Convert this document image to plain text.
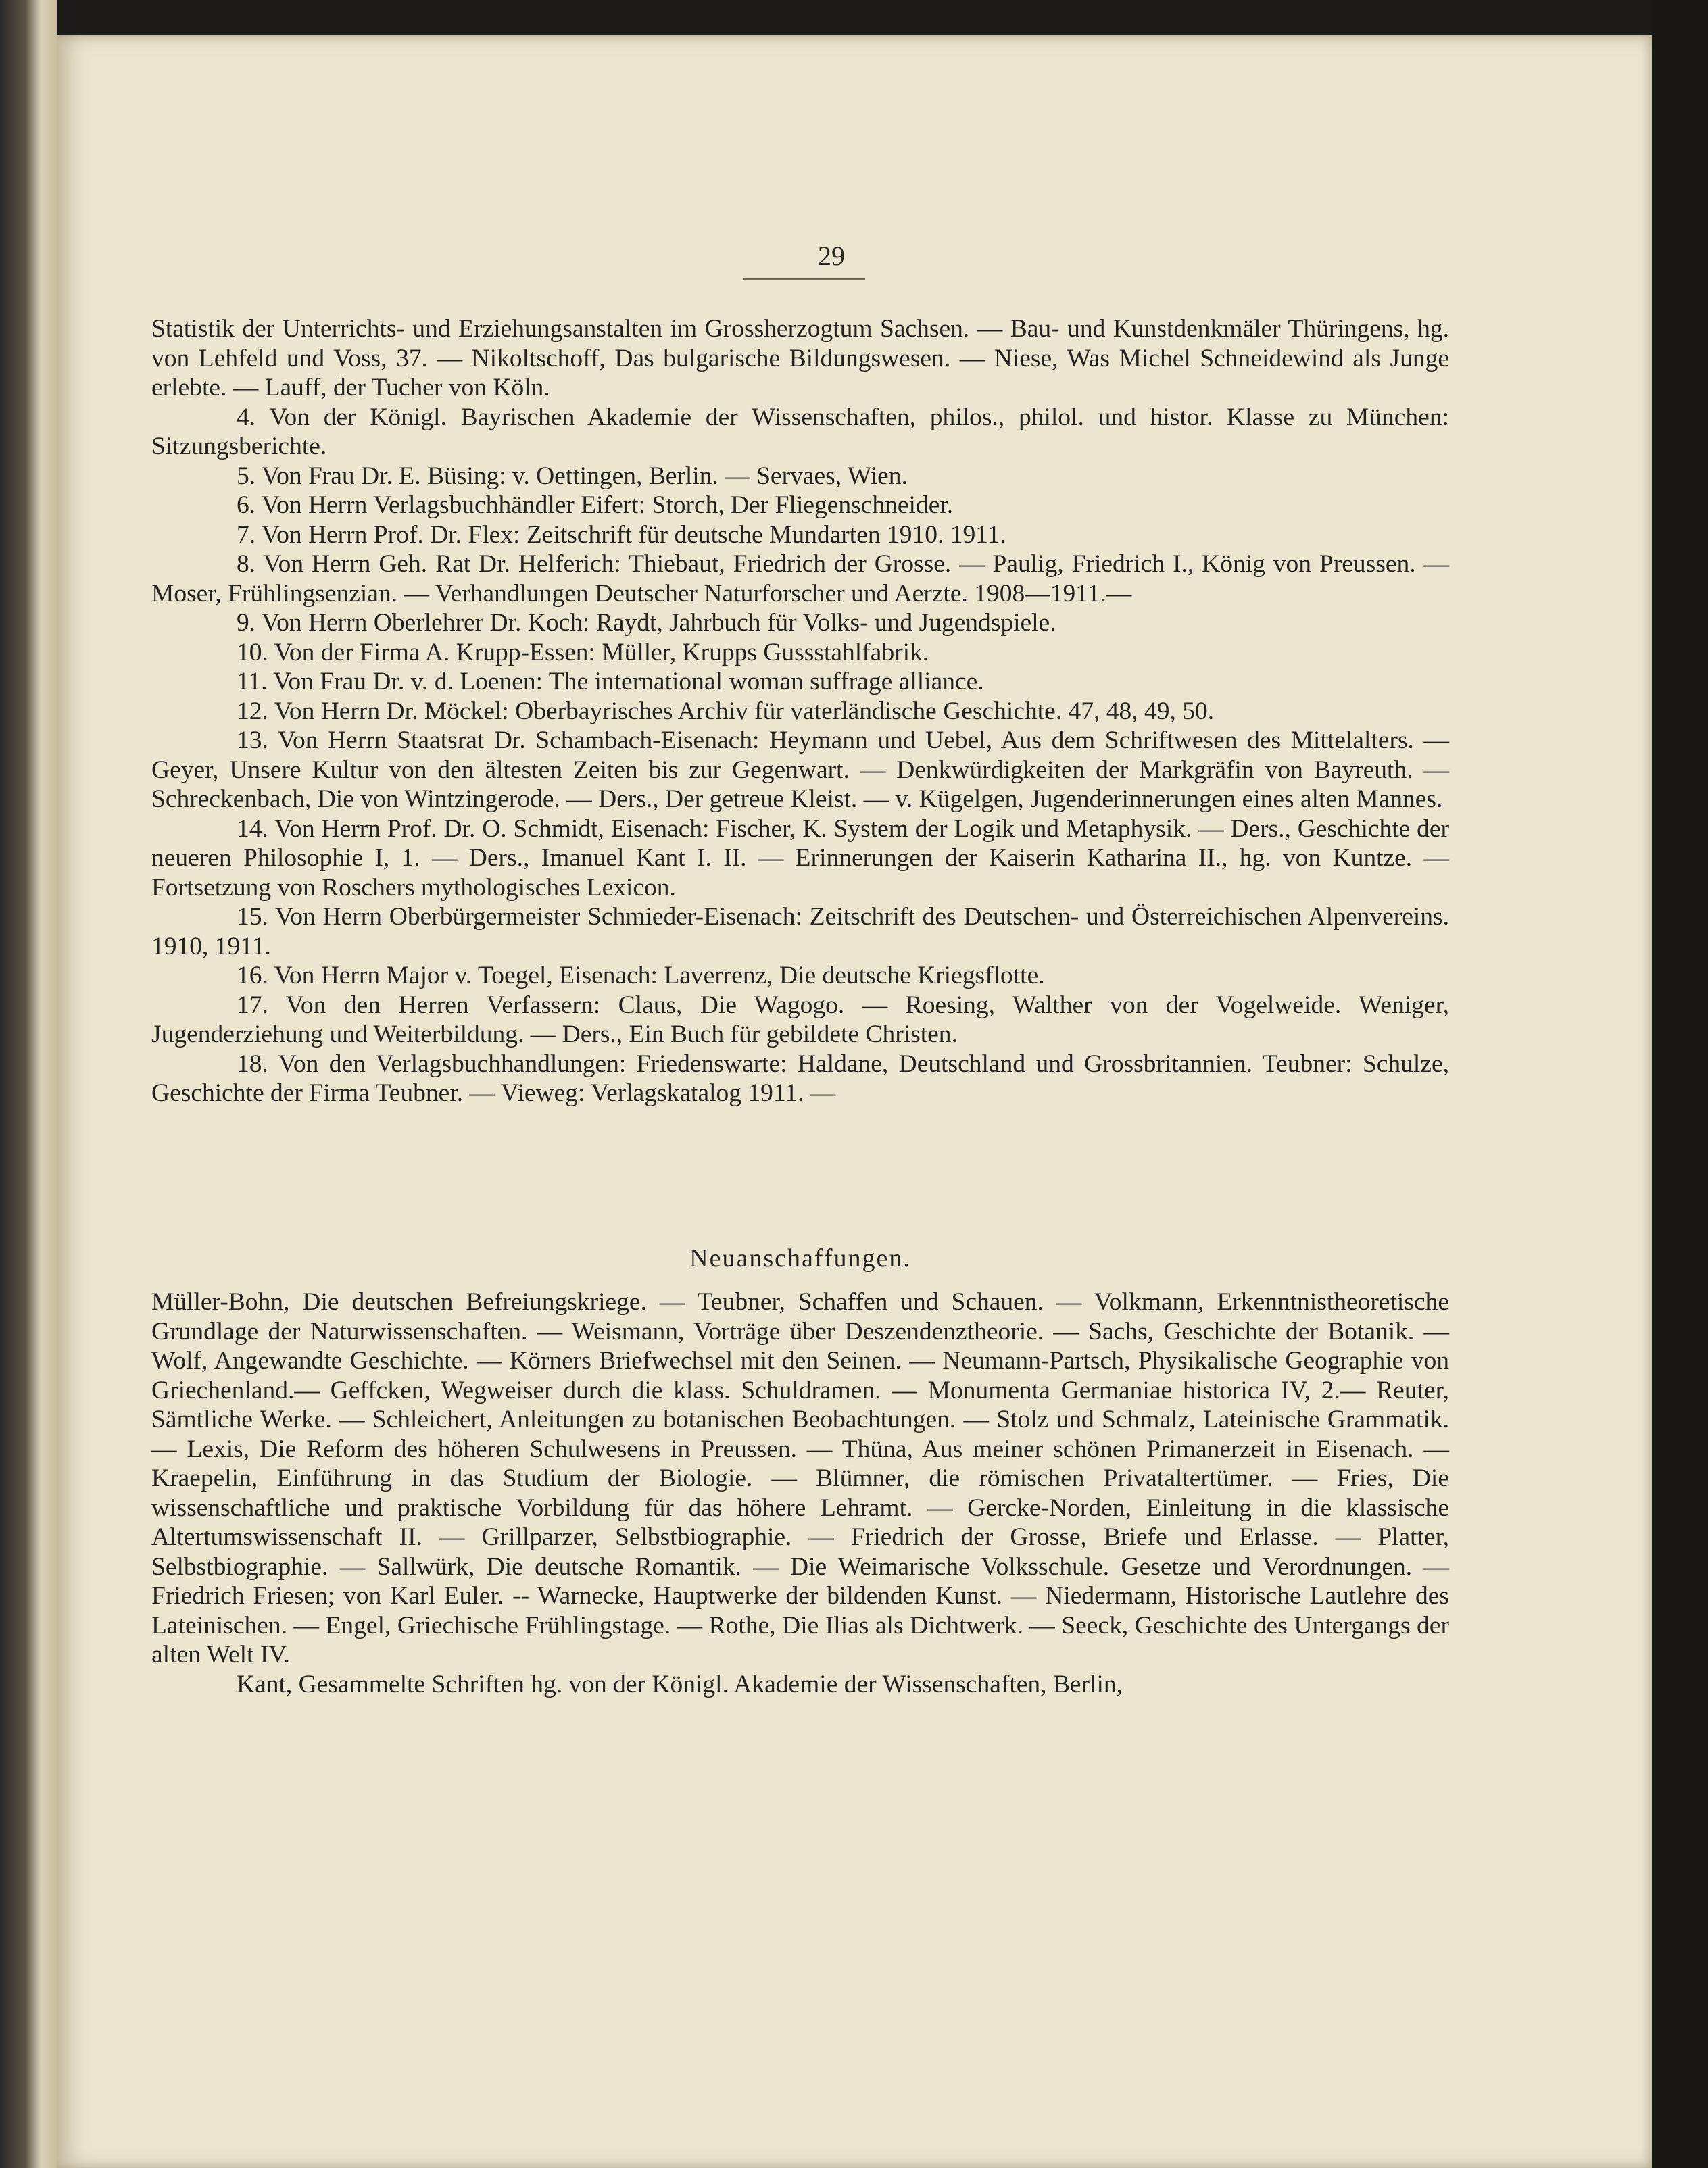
29

Statistik der Unterrichts- und Erziehungsanstalten im Grossherzogtum Sachsen. — Bau- und Kunstdenkmäler Thüringens, hg. von Lehfeld und Voss, 37. — Nikoltschoff, Das bulgarische Bildungswesen. — Niese, Was Michel Schneidewind als Junge erlebte. — Lauff, der Tucher von Köln.

4. Von der Königl. Bayrischen Akademie der Wissenschaften, philos., philol. und histor. Klasse zu München: Sitzungsberichte.

5. Von Frau Dr. E. Büsing: v. Oettingen, Berlin. — Servaes, Wien.

6. Von Herrn Verlagsbuchhändler Eifert: Storch, Der Fliegenschneider.

7. Von Herrn Prof. Dr. Flex: Zeitschrift für deutsche Mundarten 1910. 1911.

8. Von Herrn Geh. Rat Dr. Helferich: Thiebaut, Friedrich der Grosse. — Paulig, Friedrich I., König von Preussen. — Moser, Frühlingsenzian. — Verhandlungen Deutscher Naturforscher und Aerzte. 1908—1911.—

9. Von Herrn Oberlehrer Dr. Koch: Raydt, Jahrbuch für Volks- und Jugendspiele.

10. Von der Firma A. Krupp-Essen: Müller, Krupps Gussstahlfabrik.

11. Von Frau Dr. v. d. Loenen: The international woman suffrage alliance.

12. Von Herrn Dr. Möckel: Oberbayrisches Archiv für vaterländische Geschichte. 47, 48, 49, 50.

13. Von Herrn Staatsrat Dr. Schambach-Eisenach: Heymann und Uebel, Aus dem Schriftwesen des Mittelalters. — Geyer, Unsere Kultur von den ältesten Zeiten bis zur Gegenwart. — Denkwürdigkeiten der Markgräfin von Bayreuth. — Schreckenbach, Die von Wintzingerode. — Ders., Der getreue Kleist. — v. Kügelgen, Jugenderinnerungen eines alten Mannes.

14. Von Herrn Prof. Dr. O. Schmidt, Eisenach: Fischer, K. System der Logik und Metaphysik. — Ders., Geschichte der neueren Philosophie I, 1. — Ders., Imanuel Kant I. II. — Erinnerungen der Kaiserin Katharina II., hg. von Kuntze. — Fortsetzung von Roschers mythologisches Lexicon.

15. Von Herrn Oberbürgermeister Schmieder-Eisenach: Zeitschrift des Deutschen- und Österreichischen Alpenvereins. 1910, 1911.

16. Von Herrn Major v. Toegel, Eisenach: Laverrenz, Die deutsche Kriegsflotte.

17. Von den Herren Verfassern: Claus, Die Wagogo. — Roesing, Walther von der Vogelweide. Weniger, Jugenderziehung und Weiterbildung. — Ders., Ein Buch für gebildete Christen.

18. Von den Verlagsbuchhandlungen: Friedenswarte: Haldane, Deutschland und Grossbritannien. Teubner: Schulze, Geschichte der Firma Teubner. — Vieweg: Verlagskatalog 1911. —

Neuanschaffungen.

Müller-Bohn, Die deutschen Befreiungskriege. — Teubner, Schaffen und Schauen. — Volkmann, Erkenntnistheoretische Grundlage der Naturwissenschaften. — Weismann, Vorträge über Deszendenztheorie. — Sachs, Geschichte der Botanik. — Wolf, Angewandte Geschichte. — Körners Briefwechsel mit den Seinen. — Neumann-Partsch, Physikalische Geographie von Griechenland.— Geffcken, Wegweiser durch die klass. Schuldramen. — Monumenta Germaniae historica IV, 2.— Reuter, Sämtliche Werke. — Schleichert, Anleitungen zu botanischen Beobachtungen. — Stolz und Schmalz, Lateinische Grammatik. — Lexis, Die Reform des höheren Schulwesens in Preussen. — Thüna, Aus meiner schönen Primanerzeit in Eisenach. — Kraepelin, Einführung in das Studium der Biologie. — Blümner, die römischen Privataltertümer. — Fries, Die wissenschaftliche und praktische Vorbildung für das höhere Lehramt. — Gercke-Norden, Einleitung in die klassische Altertumswissenschaft II. — Grillparzer, Selbstbiographie. — Friedrich der Grosse, Briefe und Erlasse. — Platter, Selbstbiographie. — Sallwürk, Die deutsche Romantik. — Die Weimarische Volksschule. Gesetze und Verordnungen. — Friedrich Friesen; von Karl Euler. -- Warnecke, Hauptwerke der bildenden Kunst. — Niedermann, Historische Lautlehre des Lateinischen. — Engel, Griechische Frühlingstage. — Rothe, Die Ilias als Dichtwerk. — Seeck, Geschichte des Untergangs der alten Welt IV.

Kant, Gesammelte Schriften hg. von der Königl. Akademie der Wissenschaften, Berlin,
